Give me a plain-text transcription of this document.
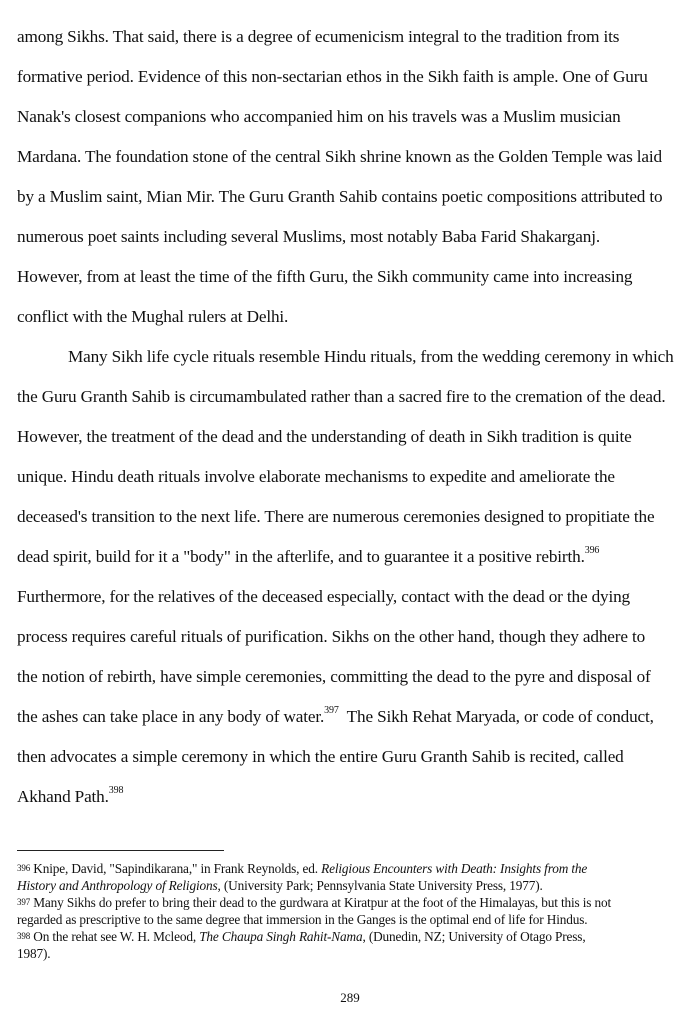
among Sikhs. That said, there is a degree of ecumenicism integral to the tradition from its
formative period. Evidence of this non-sectarian ethos in the Sikh faith is ample. One of Guru
Nanak's closest companions who accompanied him on his travels was a Muslim musician
Mardana. The foundation stone of the central Sikh shrine known as the Golden Temple was laid
by a Muslim saint, Mian Mir. The Guru Granth Sahib contains poetic compositions attributed to
numerous poet saints including several Muslims, most notably Baba Farid Shakarganj.
However, from at least the time of the fifth Guru, the Sikh community came into increasing
conflict with the Mughal rulers at Delhi.
Many Sikh life cycle rituals resemble Hindu rituals, from the wedding ceremony in which
the Guru Granth Sahib is circumambulated rather than a sacred fire to the cremation of the dead.
However, the treatment of the dead and the understanding of death in Sikh tradition is quite
unique. Hindu death rituals involve elaborate mechanisms to expedite and ameliorate the
deceased's transition to the next life. There are numerous ceremonies designed to propitiate the
dead spirit, build for it a "body" in the afterlife, and to guarantee it a positive rebirth.$^{396}$
Furthermore, for the relatives of the deceased especially, contact with the dead or the dying
process requires careful rituals of purification. Sikhs on the other hand, though they adhere to
the notion of rebirth, have simple ceremonies, committing the dead to the pyre and disposal of
the ashes can take place in any body of water.$^{397}$  The Sikh Rehat Maryada, or code of conduct,
then advocates a simple ceremony in which the entire Guru Granth Sahib is recited, called
Akhand Path.$^{398}$
396 Knipe, David, "Sapindikarana," in Frank Reynolds, ed. Religious Encounters with Death: Insights from the
History and Anthropology of Religions, (University Park; Pennsylvania State University Press, 1977).
397 Many Sikhs do prefer to bring their dead to the gurdwara at Kiratpur at the foot of the Himalayas, but this is not
regarded as prescriptive to the same degree that immersion in the Ganges is the optimal end of life for Hindus.
398 On the rehat see W. H. Mcleod, The Chaupa Singh Rahit-Nama, (Dunedin, NZ; University of Otago Press,
1987).
289
